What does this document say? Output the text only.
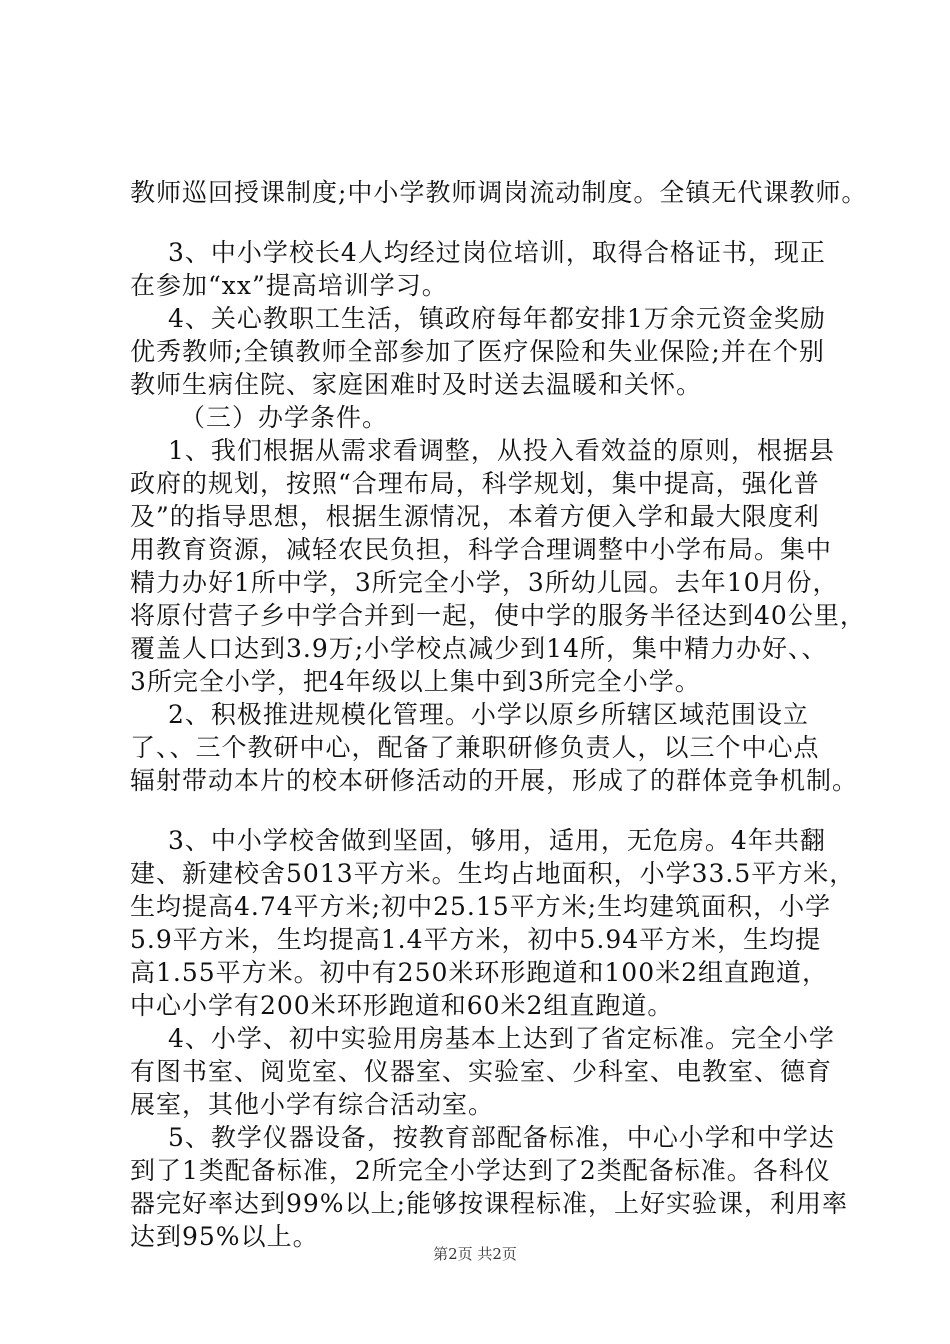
教师巡回授课制度;中小学教师调岗流动制度。全镇无代课教师。
3、中小学校长4人均经过岗位培训，取得合格证书，现正
在参加“xx”提高培训学习。
4、关心教职工生活，镇政府每年都安排1万余元资金奖励
优秀教师;全镇教师全部参加了医疗保险和失业保险;并在个别
教师生病住院、家庭困难时及时送去温暖和关怀。
（三）办学条件。
1、我们根据从需求看调整，从投入看效益的原则，根据县
政府的规划，按照“合理布局，科学规划，集中提高，强化普
及”的指导思想，根据生源情况，本着方便入学和最大限度利
用教育资源，减轻农民负担，科学合理调整中小学布局。集中
精力办好1所中学，3所完全小学，3所幼儿园。去年10月份，
将原付营子乡中学合并到一起，使中学的服务半径达到40公里，
覆盖人口达到3.9万;小学校点减少到14所，集中精力办好、、
3所完全小学，把4年级以上集中到3所完全小学。
2、积极推进规模化管理。小学以原乡所辖区域范围设立
了、、三个教研中心，配备了兼职研修负责人，以三个中心点
辐射带动本片的校本研修活动的开展，形成了的群体竞争机制。
3、中小学校舍做到坚固，够用，适用，无危房。4年共翻
建、新建校舍5013平方米。生均占地面积，小学33.5平方米，
生均提高4.74平方米;初中25.15平方米;生均建筑面积，小学
5.9平方米，生均提高1.4平方米，初中5.94平方米，生均提
高1.55平方米。初中有250米环形跑道和100米2组直跑道，
中心小学有200米环形跑道和60米2组直跑道。
4、小学、初中实验用房基本上达到了省定标准。完全小学
有图书室、阅览室、仪器室、实验室、少科室、电教室、德育
展室，其他小学有综合活动室。
5、教学仪器设备，按教育部配备标准，中心小学和中学达
到了1类配备标准，2所完全小学达到了2类配备标准。各科仪
器完好率达到99%以上;能够按课程标准，上好实验课，利用率
达到95%以上。
第2页 共2页
